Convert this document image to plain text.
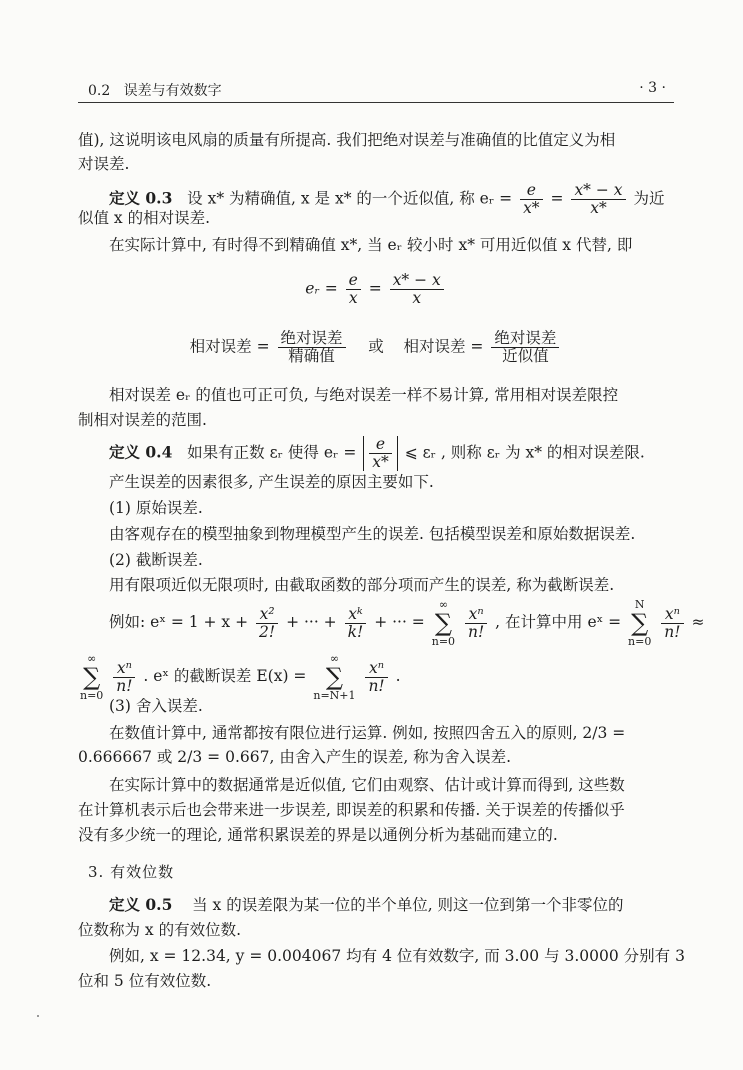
0.2 误差与有效数字	· 3 ·
值), 这说明该电风扇的质量有所提高. 我们把绝对误差与准确值的比值定义为相
对误差.
定义 0.3 设 x* 为精确值, x 是 x* 的一个近似值, 称 eᵣ = $\frac{e}{x*} = \frac{x* - x}{x*}$ 为近
似值 x 的相对误差.
在实际计算中, 有时得不到精确值 x*, 当 eᵣ 较小时 x* 可用近似值 x 代替, 即
eᵣ = $\frac{e}{x} = \frac{x* - x}{x}$
相对误差 = $\frac{\text{绝对误差}}{\text{精确值}}$ 或 相对误差 = $\frac{\text{绝对误差}}{\text{近似值}}$
相对误差 eᵣ 的值也可正可负, 与绝对误差一样不易计算, 常用相对误差限控
制相对误差的范围.
定义 0.4 如果有正数 εᵣ 使得 eᵣ = $\frac{e}{x*}$ ⩽ εᵣ , 则称 εᵣ 为 x* 的相对误差限.
产生误差的因素很多, 产生误差的原因主要如下.
(1) 原始误差.
由客观存在的模型抽象到物理模型产生的误差. 包括模型误差和原始数据误差.
(2) 截断误差.
用有限项近似无限项时, 由截取函数的部分项而产生的误差, 称为截断误差.
例如: eˣ = $1 + x + \frac{\text{x²}}{2!}$ + ··· + $\frac{\text{xᵏ}}{k!}$ + ··· = ∞
∑
n=0
$\frac{\text{xⁿ}}{n!}$ , 在计算中用 eˣ = N
∑
n=0
$\frac{\text{xⁿ}}{n!}$ ≈
∞
∑
n=0
$\frac{\text{xⁿ}}{n!}$ . eˣ 的截断误差 E(x) = ∞
∑
n=N+1
$\frac{\text{xⁿ}}{n!}$ .
(3) 舍入误差.
在数值计算中, 通常都按有限位进行运算. 例如, 按照四舍五入的原则, 2/3 =
0.666667 或 2/3 = 0.667, 由舍入产生的误差, 称为舍入误差.
在实际计算中的数据通常是近似值, 它们由观察、估计或计算而得到, 这些数
在计算机表示后也会带来进一步误差, 即误差的积累和传播. 关于误差的传播似乎
没有多少统一的理论, 通常积累误差的界是以通例分析为基础而建立的.
3. 有效位数
定义 0.5 当 x 的误差限为某一位的半个单位, 则这一位到第一个非零位的
位数称为 x 的有效位数.
例如, x = 12.34, y = 0.004067 均有 4 位有效数字, 而 3.00 与 3.0000 分别有 3
位和 5 位有效位数.
